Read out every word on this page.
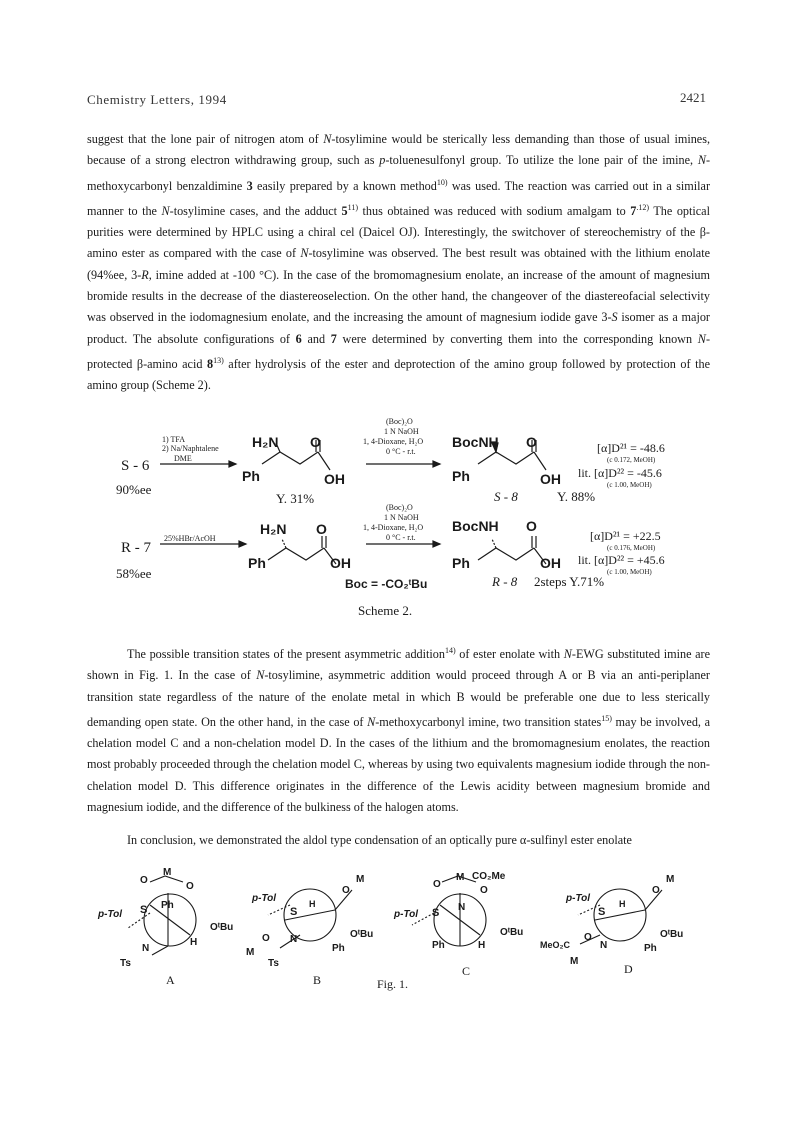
Chemistry Letters, 1994	2421

suggest that the lone pair of nitrogen atom of N-tosylimine would be sterically less demanding than those of usual imines, because of a strong electron withdrawing group, such as p-toluenesulfonyl group. To utilize the lone pair of the imine, N-methoxycarbonyl benzaldimine 3 easily prepared by a known method$^{10)}$ was used. The reaction was carried out in a similar manner to the N-tosylimine cases, and the adduct 5$^{11)}$ thus obtained was reduced with sodium amalgam to $7^{.12)}$ The optical purities were determined by HPLC using a chiral cel (Daicel OJ). Interestingly, the switchover of stereochemistry of the β-amino ester as compared with the case of N-tosylimine was observed. The best result was obtained with the lithium enolate (94%ee, 3-R, imine added at -100 °C). In the case of the bromomagnesium enolate, an increase of the amount of magnesium bromide results in the decrease of the diastereoselection. On the other hand, the changeover of the diastereofacial selectivity was observed in the iodomagnesium enolate, and the increasing the amount of magnesium iodide gave 3-S isomer as a major product. The absolute configurations of 6 and 7 were determined by converting them into the corresponding known N-protected β-amino acid 8$^{13)}$ after hydrolysis of the ester and deprotection of the amino group followed by protection of the amino group (Scheme 2).

S - 6
90%ee
1) TFA
2) Na/Naphtalene
DME
H₂N O
Ph	OH
Y. 31%
(Boc)₂O
1 N NaOH
1, 4-Dioxane, H₂O
0 °C - r.t.
BocNH O
Ph	OH
S - 8	Y. 88%
[α]D²¹ = -48.6
(c 0.172, MeOH)
lit. [α]D²² = -45.6
(c 1.00, MeOH)
R - 7
58%ee
25%HBr/AcOH
H₂N O
Ph	OH
(Boc)₂O
1 N NaOH
1, 4-Dioxane, H₂O
0 °C - r.t.
BocNH O
Ph	OH
R - 8 2steps Y.71%
[α]D²¹ = +22.5
(c 0.176, MeOH)
lit. [α]D²² = +45.6
(c 1.00, MeOH)
Boc = -CO₂ᵗBu
O
M
O
p-Tol S Ph
OᵗBu
H
N
Ts
A
p-Tol
S
H
O
M
OᵗBu
O
M
N
Ts
Ph
B
O
M CO₂Me
O
p-Tol S N
OᵗBu
Ph	H
C
p-Tol
S
H
O
M
OᵗBu
O
MeO₂C	N
M
Ph
D
Scheme 2.

The possible transition states of the present asymmetric addition$^{14)}$ of ester enolate with N-EWG substituted imine are shown in Fig. 1. In the case of N-tosylimine, asymmetric addition would proceed through A or B via an anti-periplaner transition state regardless of the nature of the enolate metal in which B would be preferable one due to less sterically demanding open state. On the other hand, in the case of N-methoxycarbonyl imine, two transition states$^{15)}$ may be involved, a chelation model C and a non-chelation model D. In the cases of the lithium and the bromomagnesium enolates, the reaction most probably proceeded through the chelation model C, whereas by using two equivalents magnesium iodide through the non-chelation model D. This difference originates in the difference of the Lewis acidity between magnesium bromide and magnesium iodide, and the difference of the bulkiness of the halogen atoms.

In conclusion, we demonstrated the aldol type condensation of an optically pure α-sulfinyl ester enolate

Fig. 1.
